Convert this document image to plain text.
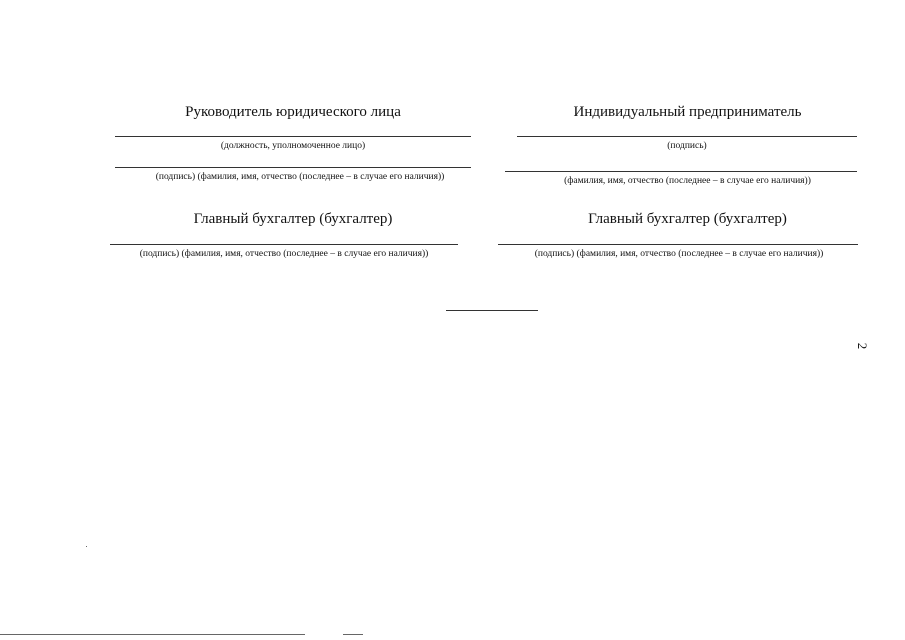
Руководитель юридического лица
(должность, уполномоченное лицо)
(подпись) (фамилия, имя, отчество (последнее – в случае его наличия))
Главный бухгалтер (бухгалтер)
(подпись) (фамилия, имя, отчество (последнее – в случае его наличия))
Индивидуальный предприниматель
(подпись)
(фамилия, имя, отчество (последнее – в случае его наличия))
Главный бухгалтер (бухгалтер)
(подпись) (фамилия, имя, отчество (последнее – в случае его наличия))
2
